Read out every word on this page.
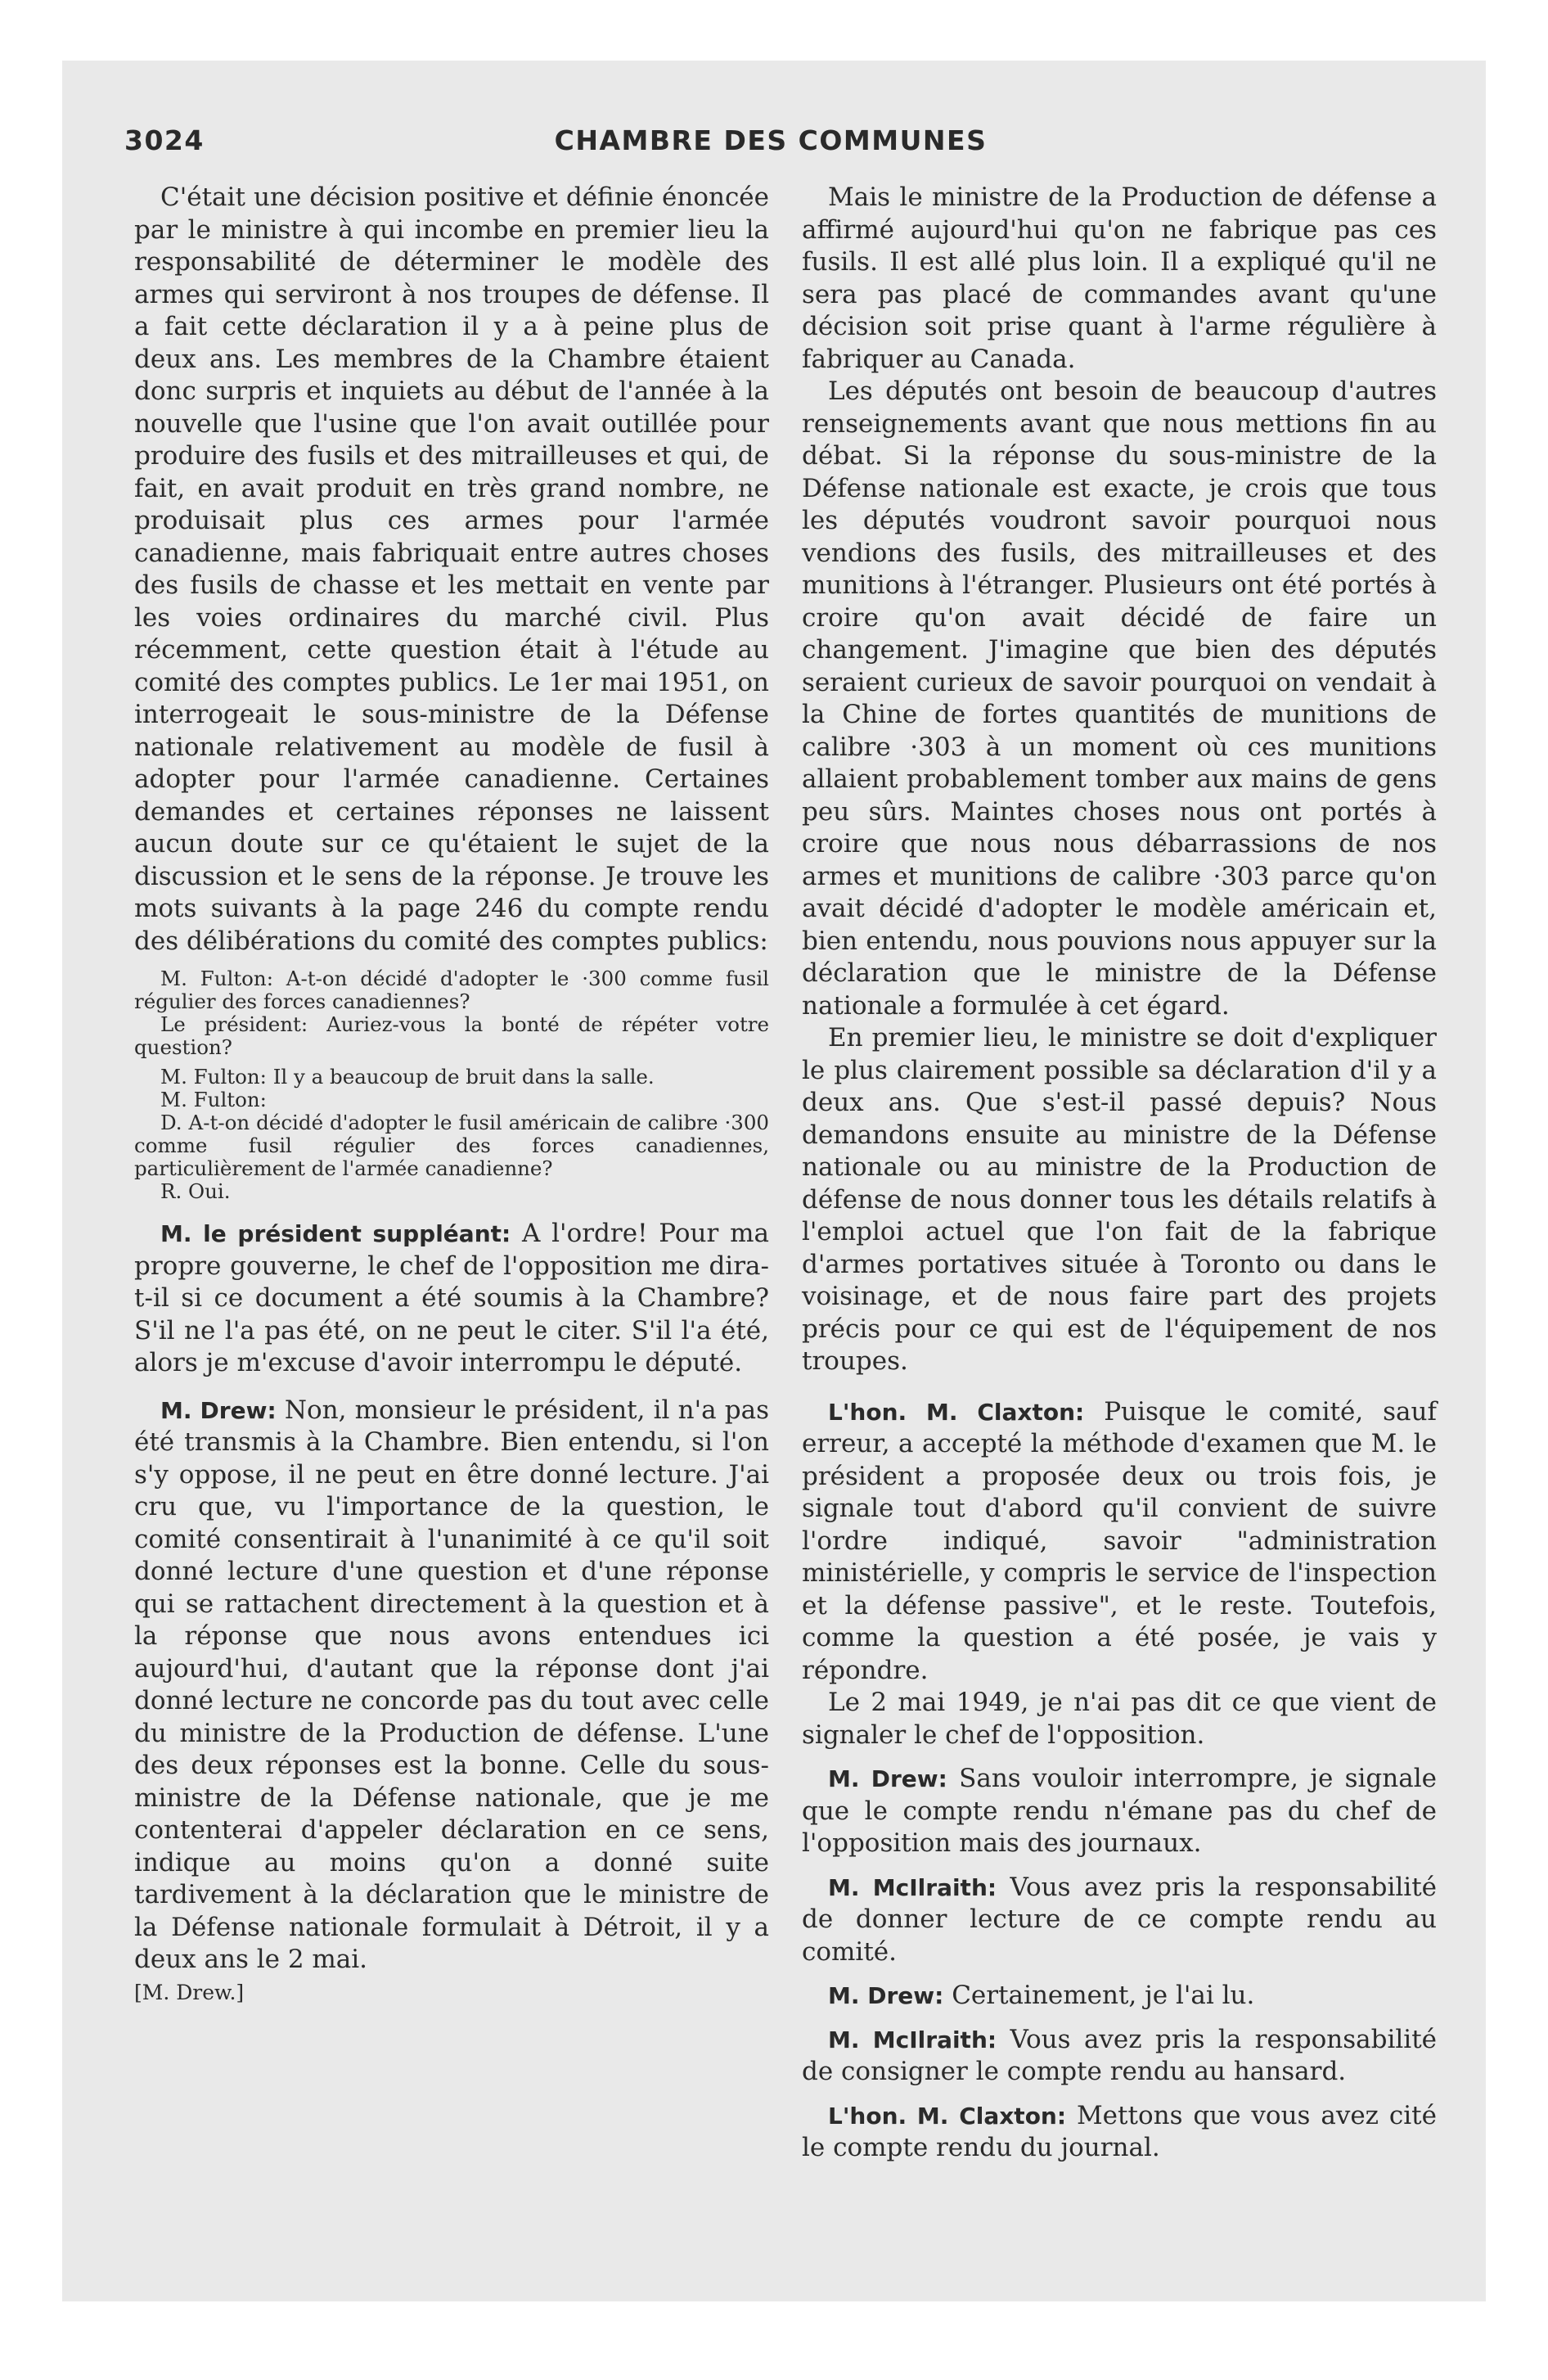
3024	CHAMBRE DES COMMUNES

C'était une décision positive et définie énoncée par le ministre à qui incombe en premier lieu la responsabilité de déterminer le modèle des armes qui serviront à nos troupes de défense. Il a fait cette déclaration il y a à peine plus de deux ans. Les membres de la Chambre étaient donc surpris et inquiets au début de l'année à la nouvelle que l'usine que l'on avait outillée pour produire des fusils et des mitrailleuses et qui, de fait, en avait produit en très grand nombre, ne produisait plus ces armes pour l'armée canadienne, mais fabriquait entre autres choses des fusils de chasse et les mettait en vente par les voies ordinaires du marché civil. Plus récemment, cette question était à l'étude au comité des comptes publics. Le 1er mai 1951, on interrogeait le sous-ministre de la Défense nationale relativement au modèle de fusil à adopter pour l'armée canadienne. Certaines demandes et certaines réponses ne laissent aucun doute sur ce qu'étaient le sujet de la discussion et le sens de la réponse. Je trouve les mots suivants à la page 246 du compte rendu des délibérations du comité des comptes publics:

M. Fulton: A-t-on décidé d'adopter le ·300 comme fusil régulier des forces canadiennes?

Le président: Auriez-vous la bonté de répéter votre question?

M. Fulton: Il y a beaucoup de bruit dans la salle.

M. Fulton:

D. A-t-on décidé d'adopter le fusil américain de calibre ·300 comme fusil régulier des forces canadiennes, particulièrement de l'armée canadienne?

R. Oui.

M. le président suppléant: A l'ordre! Pour ma propre gouverne, le chef de l'opposition me dira-t-il si ce document a été soumis à la Chambre? S'il ne l'a pas été, on ne peut le citer. S'il l'a été, alors je m'excuse d'avoir interrompu le député.

M. Drew: Non, monsieur le président, il n'a pas été transmis à la Chambre. Bien entendu, si l'on s'y oppose, il ne peut en être donné lecture. J'ai cru que, vu l'importance de la question, le comité consentirait à l'unanimité à ce qu'il soit donné lecture d'une question et d'une réponse qui se rattachent directement à la question et à la réponse que nous avons entendues ici aujourd'hui, d'autant que la réponse dont j'ai donné lecture ne concorde pas du tout avec celle du ministre de la Production de défense. L'une des deux réponses est la bonne. Celle du sous-ministre de la Défense nationale, que je me contenterai d'appeler déclaration en ce sens, indique au moins qu'on a donné suite tardivement à la déclaration que le ministre de la Défense nationale formulait à Détroit, il y a deux ans le 2 mai.

[M. Drew.]

Mais le ministre de la Production de défense a affirmé aujourd'hui qu'on ne fabrique pas ces fusils. Il est allé plus loin. Il a expliqué qu'il ne sera pas placé de commandes avant qu'une décision soit prise quant à l'arme régulière à fabriquer au Canada.

Les députés ont besoin de beaucoup d'autres renseignements avant que nous mettions fin au débat. Si la réponse du sous-ministre de la Défense nationale est exacte, je crois que tous les députés voudront savoir pourquoi nous vendions des fusils, des mitrailleuses et des munitions à l'étranger. Plusieurs ont été portés à croire qu'on avait décidé de faire un changement. J'imagine que bien des députés seraient curieux de savoir pourquoi on vendait à la Chine de fortes quantités de munitions de calibre ·303 à un moment où ces munitions allaient probablement tomber aux mains de gens peu sûrs. Maintes choses nous ont portés à croire que nous nous débarrassions de nos armes et munitions de calibre ·303 parce qu'on avait décidé d'adopter le modèle américain et, bien entendu, nous pouvions nous appuyer sur la déclaration que le ministre de la Défense nationale a formulée à cet égard.

En premier lieu, le ministre se doit d'expliquer le plus clairement possible sa déclaration d'il y a deux ans. Que s'est-il passé depuis? Nous demandons ensuite au ministre de la Défense nationale ou au ministre de la Production de défense de nous donner tous les détails relatifs à l'emploi actuel que l'on fait de la fabrique d'armes portatives située à Toronto ou dans le voisinage, et de nous faire part des projets précis pour ce qui est de l'équipement de nos troupes.

L'hon. M. Claxton: Puisque le comité, sauf erreur, a accepté la méthode d'examen que M. le président a proposée deux ou trois fois, je signale tout d'abord qu'il convient de suivre l'ordre indiqué, savoir "administration ministérielle, y compris le service de l'inspection et la défense passive", et le reste. Toutefois, comme la question a été posée, je vais y répondre.

Le 2 mai 1949, je n'ai pas dit ce que vient de signaler le chef de l'opposition.

M. Drew: Sans vouloir interrompre, je signale que le compte rendu n'émane pas du chef de l'opposition mais des journaux.

M. McIlraith: Vous avez pris la responsabilité de donner lecture de ce compte rendu au comité.

M. Drew: Certainement, je l'ai lu.

M. McIlraith: Vous avez pris la responsabilité de consigner le compte rendu au hansard.

L'hon. M. Claxton: Mettons que vous avez cité le compte rendu du journal.
